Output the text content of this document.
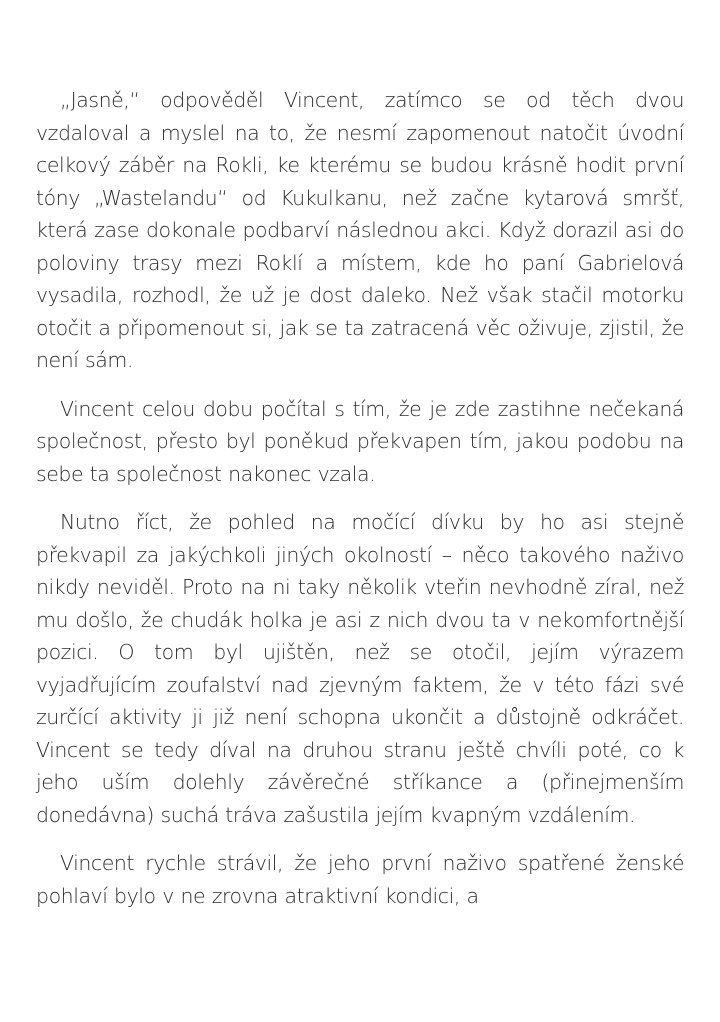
„Jasně,“ odpověděl Vincent, zatímco se od těch dvou vzdaloval a myslel na to, že nesmí zapomenout natočit úvodní celkový záběr na Rokli, ke kterému se budou krásně hodit první tóny „Wastelandu“ od Kukulkanu, než začne kytarová smršť, která zase dokonale podbarví následnou akci. Když dorazil asi do poloviny trasy mezi Roklí a místem, kde ho paní Gabrielová vysadila, rozhodl, že už je dost daleko. Než však stačil motorku otočit a připomenout si, jak se ta zatracená věc oživuje, zjistil, že není sám.

Vincent celou dobu počítal s tím, že je zde zastihne nečekaná společnost, přesto byl poněkud překvapen tím, jakou podobu na sebe ta společnost nakonec vzala.

Nutno říct, že pohled na močící dívku by ho asi stejně překvapil za jakýchkoli jiných okolností – něco takového naživo nikdy neviděl. Proto na ni taky několik vteřin nevhodně zíral, než mu došlo, že chudák holka je asi z nich dvou ta v nekomfortnější pozici. O tom byl ujištěn, než se otočil, jejím výrazem vyjadřujícím zoufalství nad zjevným faktem, že v této fázi své zurčící aktivity ji již není schopna ukončit a důstojně odkráčet. Vincent se tedy díval na druhou stranu ještě chvíli poté, co k jeho uším dolehly závěrečné stříkance a (přinejmenším donedávna) suchá tráva zašustila jejím kvapným vzdálením.

Vincent rychle strávil, že jeho první naživo spatřené ženské pohlaví bylo v ne zrovna atraktivní kondici, a
